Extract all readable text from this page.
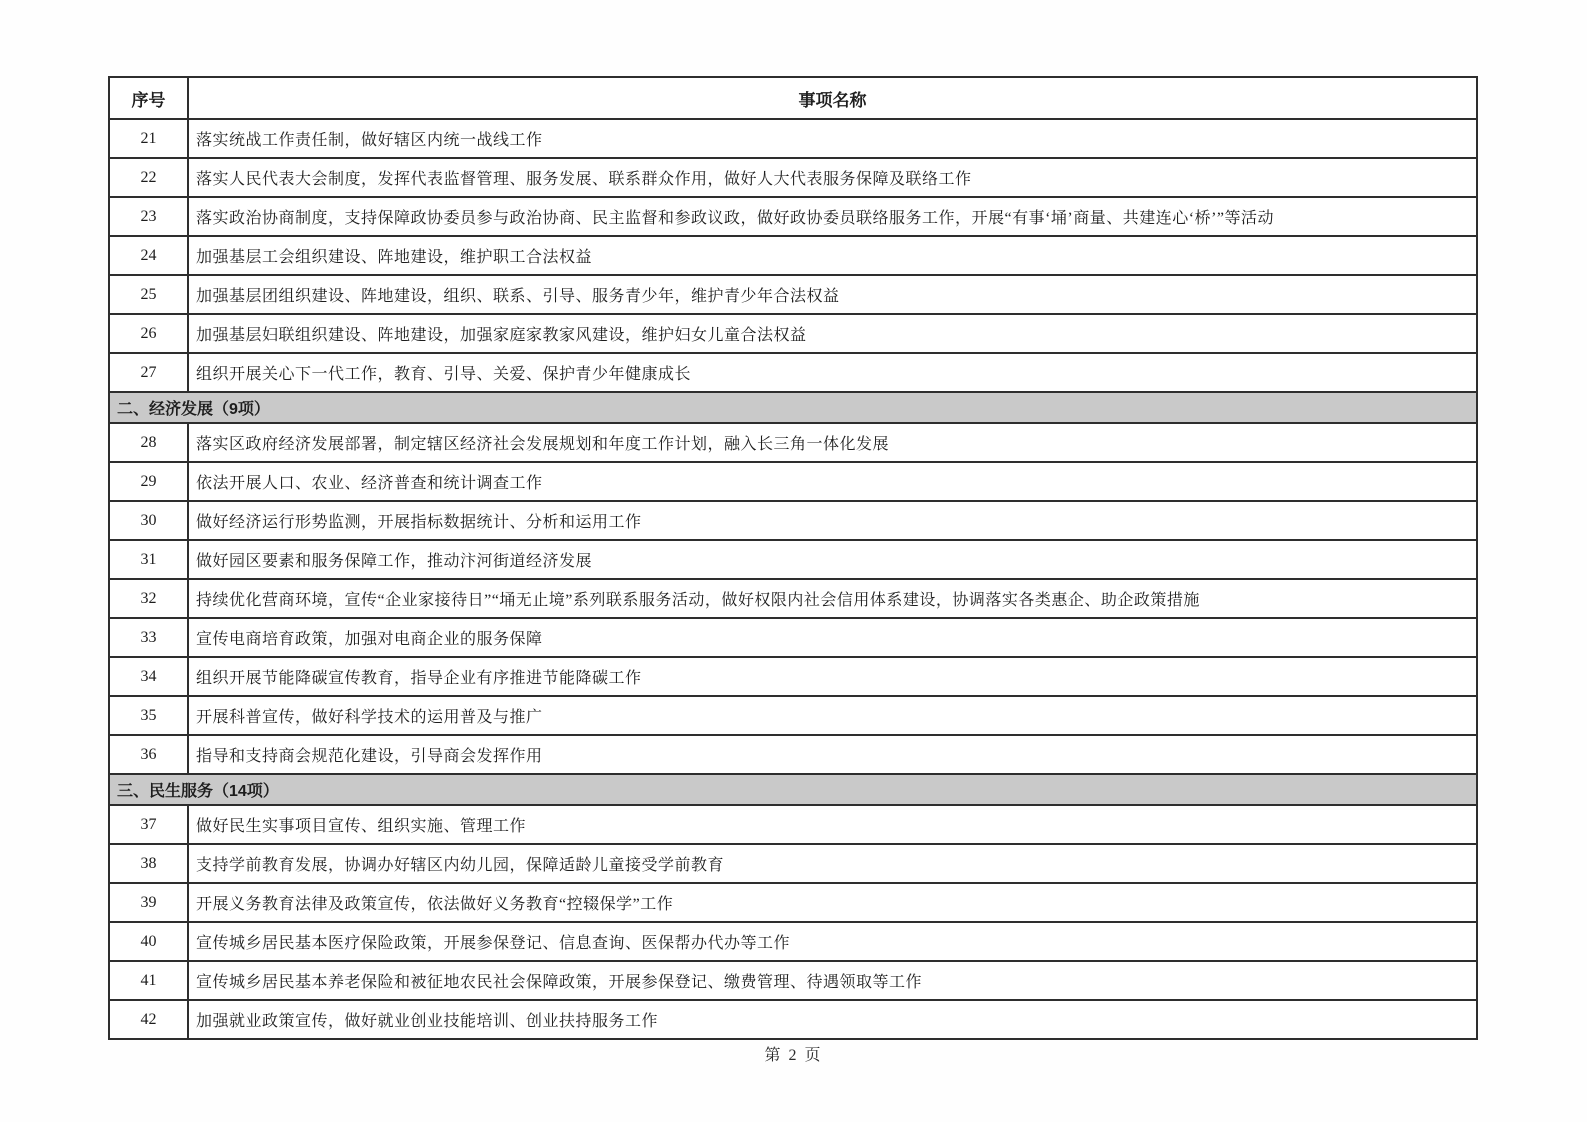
序号	事项名称
21	落实统战工作责任制，做好辖区内统一战线工作
22	落实人民代表大会制度，发挥代表监督管理、服务发展、联系群众作用，做好人大代表服务保障及联络工作
23	落实政治协商制度，支持保障政协委员参与政治协商、民主监督和参政议政，做好政协委员联络服务工作，开展“有事‘埇’商量、共建连心‘桥’”等活动
24	加强基层工会组织建设、阵地建设，维护职工合法权益
25	加强基层团组织建设、阵地建设，组织、联系、引导、服务青少年，维护青少年合法权益
26	加强基层妇联组织建设、阵地建设，加强家庭家教家风建设，维护妇女儿童合法权益
27	组织开展关心下一代工作，教育、引导、关爱、保护青少年健康成长
二、经济发展（9项）	
28	落实区政府经济发展部署，制定辖区经济社会发展规划和年度工作计划，融入长三角一体化发展
29	依法开展人口、农业、经济普查和统计调查工作
30	做好经济运行形势监测，开展指标数据统计、分析和运用工作
31	做好园区要素和服务保障工作，推动汴河街道经济发展
32	持续优化营商环境，宣传“企业家接待日”“埇无止境”系列联系服务活动，做好权限内社会信用体系建设，协调落实各类惠企、助企政策措施
33	宣传电商培育政策，加强对电商企业的服务保障
34	组织开展节能降碳宣传教育，指导企业有序推进节能降碳工作
35	开展科普宣传，做好科学技术的运用普及与推广
36	指导和支持商会规范化建设，引导商会发挥作用
三、民生服务（14项）	
37	做好民生实事项目宣传、组织实施、管理工作
38	支持学前教育发展，协调办好辖区内幼儿园，保障适龄儿童接受学前教育
39	开展义务教育法律及政策宣传，依法做好义务教育“控辍保学”工作
40	宣传城乡居民基本医疗保险政策，开展参保登记、信息查询、医保帮办代办等工作
41	宣传城乡居民基本养老保险和被征地农民社会保障政策，开展参保登记、缴费管理、待遇领取等工作
42	加强就业政策宣传，做好就业创业技能培训、创业扶持服务工作
第 2 页
